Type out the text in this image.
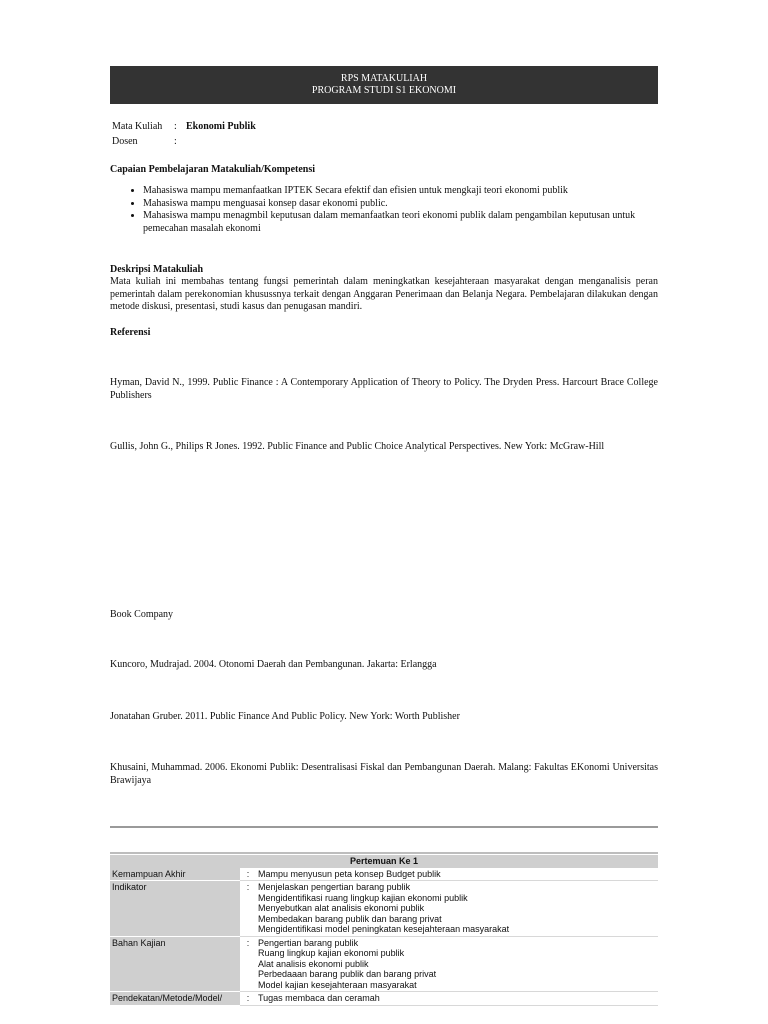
RPS MATAKULIAH
PROGRAM STUDI S1 EKONOMI
Mata Kuliah	: Ekonomi Publik
Dosen	:
Capaian Pembelajaran Matakuliah/Kompetensi
• Mahasiswa mampu memanfaatkan IPTEK Secara efektif dan efisien untuk mengkaji teori ekonomi publik
• Mahasiswa mampu menguasai konsep dasar ekonomi public.
• Mahasiswa mampu menagmbil keputusan dalam memanfaatkan teori ekonomi publik dalam pengambilan keputusan untuk pemecahan masalah ekonomi
Deskripsi Matakuliah
Mata kuliah ini membahas tentang fungsi pemerintah dalam meningkatkan kesejahteraan masyarakat dengan menganalisis peran pemerintah dalam perekonomian khusussnya terkait dengan Anggaran Penerimaan dan Belanja Negara. Pembelajaran dilakukan dengan metode diskusi, presentasi, studi kasus dan penugasan mandiri.
Referensi
Hyman, David N., 1999. Public Finance : A Contemporary Application of Theory to Policy. The Dryden Press. Harcourt Brace College Publishers
Gullis, John G., Philips R Jones. 1992. Public Finance and Public Choice Analytical Perspectives. New York: McGraw-Hill
Book Company
Kuncoro, Mudrajad. 2004. Otonomi Daerah dan Pembangunan. Jakarta: Erlangga
Jonatahan Gruber. 2011. Public Finance And Public Policy. New York: Worth Publisher
Khusaini, Muhammad. 2006. Ekonomi Publik: Desentralisasi Fiskal dan Pembangunan Daerah. Malang: Fakultas EKonomi Universitas Brawijaya
Pertemuan Ke 1		
Kemampuan Akhir	:	Mampu menyusun peta konsep Budget publik

Indikator	:	Menjelaskan pengertian barang publik
Mengidentifikasi ruang lingkup kajian ekonomi publik
Menyebutkan alat analisis ekonomi publik
Membedakan barang publik dan barang privat
Mengidentifikasi model peningkatan kesejahteraan masyarakat

Bahan Kajian	:	Pengertian barang publik
Ruang lingkup kajian ekonomi publik
Alat analisis ekonomi publik
Perbedaaan barang publik dan barang privat
Model kajian kesejahteraan masyarakat

Pendekatan/Metode/Model/	:	Tugas membaca dan ceramah
